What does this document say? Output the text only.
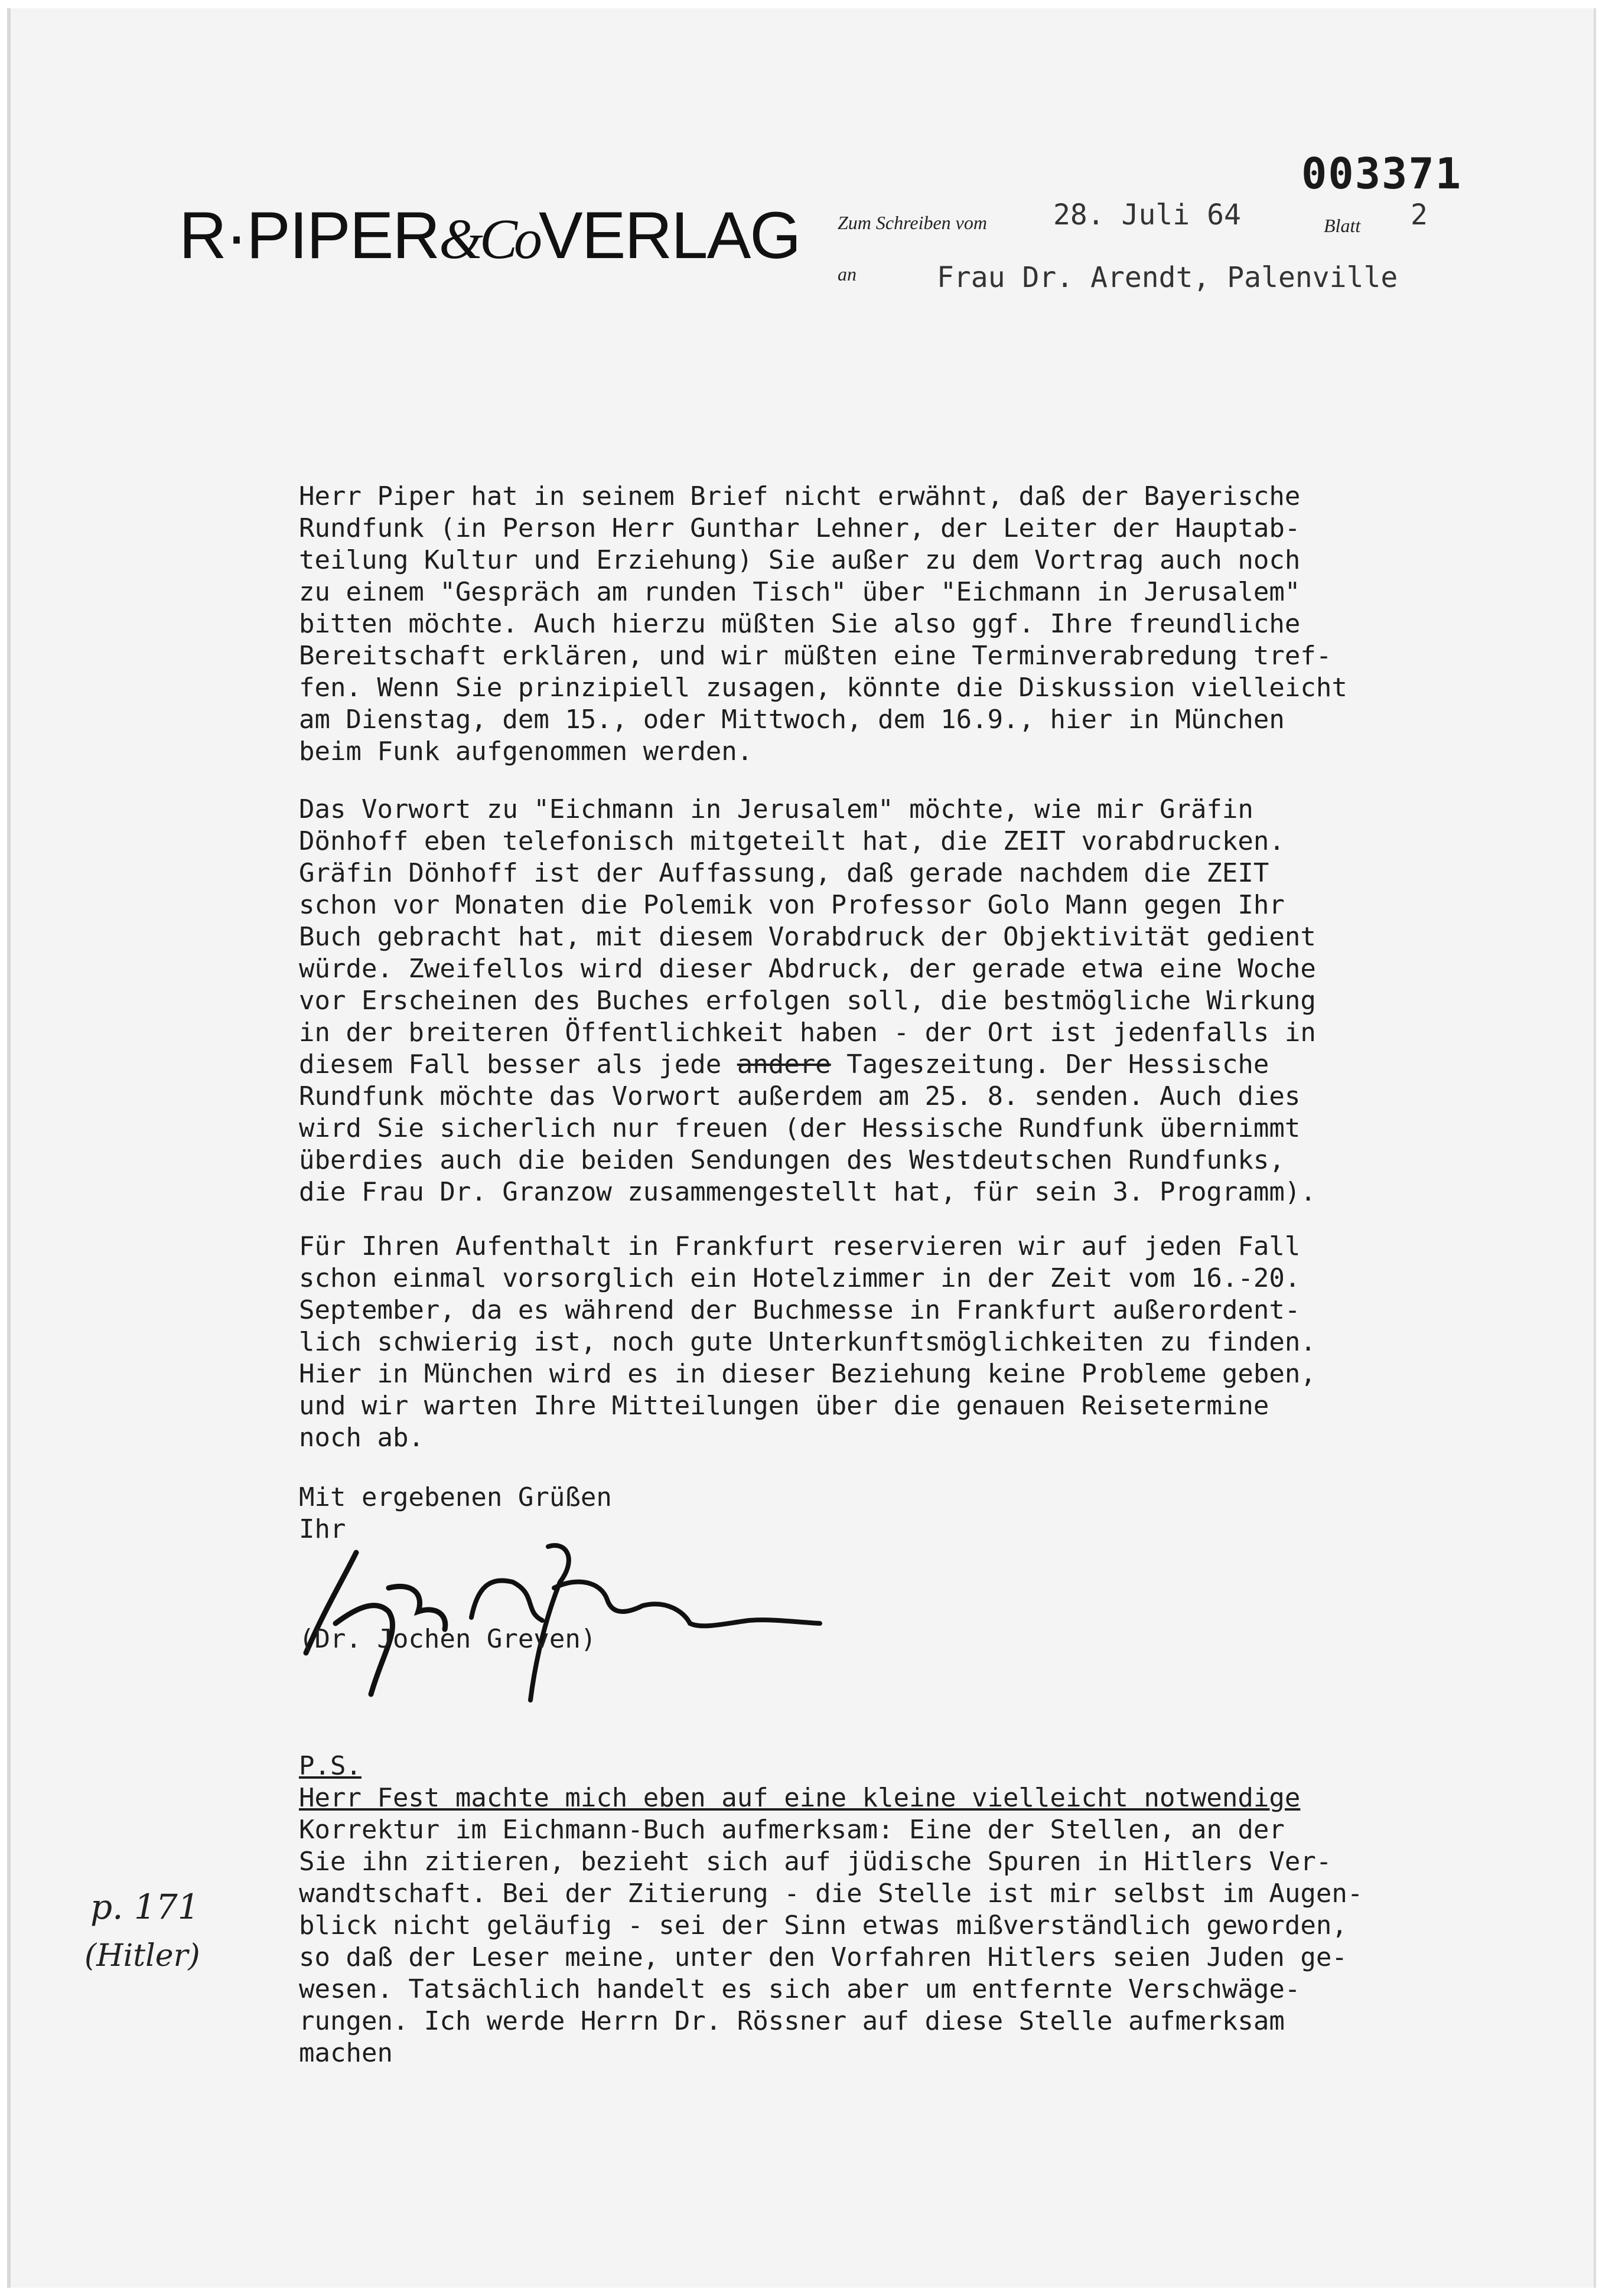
003371
R·PIPER&CoVERLAG Zum Schreiben vom 28. Juli 64	Blatt 2
an	Frau Dr. Arendt, Palenville
Herr Piper hat in seinem Brief nicht erwähnt, daß der Bayerische
Rundfunk (in Person Herr Gunthar Lehner, der Leiter der Hauptab-
teilung Kultur und Erziehung) Sie außer zu dem Vortrag auch noch
zu einem "Gespräch am runden Tisch" über "Eichmann in Jerusalem"
bitten möchte. Auch hierzu müßten Sie also ggf. Ihre freundliche
Bereitschaft erklären, und wir müßten eine Terminverabredung tref-
fen. Wenn Sie prinzipiell zusagen, könnte die Diskussion vielleicht
am Dienstag, dem 15., oder Mittwoch, dem 16.9., hier in München
beim Funk aufgenommen werden.
Das Vorwort zu "Eichmann in Jerusalem" möchte, wie mir Gräfin
Dönhoff eben telefonisch mitgeteilt hat, die ZEIT vorabdrucken.
Gräfin Dönhoff ist der Auffassung, daß gerade nachdem die ZEIT
schon vor Monaten die Polemik von Professor Golo Mann gegen Ihr
Buch gebracht hat, mit diesem Vorabdruck der Objektivität gedient
würde. Zweifellos wird dieser Abdruck, der gerade etwa eine Woche
vor Erscheinen des Buches erfolgen soll, die bestmögliche Wirkung
in der breiteren Öffentlichkeit haben - der Ort ist jedenfalls in
diesem Fall besser als jede andere Tageszeitung. Der Hessische
Rundfunk möchte das Vorwort außerdem am 25. 8. senden. Auch dies
wird Sie sicherlich nur freuen (der Hessische Rundfunk übernimmt
überdies auch die beiden Sendungen des Westdeutschen Rundfunks,
die Frau Dr. Granzow zusammengestellt hat, für sein 3. Programm).
Für Ihren Aufenthalt in Frankfurt reservieren wir auf jeden Fall
schon einmal vorsorglich ein Hotelzimmer in der Zeit vom 16.-20.
September, da es während der Buchmesse in Frankfurt außerordent-
lich schwierig ist, noch gute Unterkunftsmöglichkeiten zu finden.
Hier in München wird es in dieser Beziehung keine Probleme geben,
und wir warten Ihre Mitteilungen über die genauen Reisetermine
noch ab.
Mit ergebenen Grüßen
Ihr
(Dr. Jochen Greven)
P.S.
Herr Fest machte mich eben auf eine kleine vielleicht notwendige
Korrektur im Eichmann-Buch aufmerksam: Eine der Stellen, an der
Sie ihn zitieren, bezieht sich auf jüdische Spuren in Hitlers Ver-
wandtschaft. Bei der Zitierung - die Stelle ist mir selbst im Augen-
blick nicht geläufig - sei der Sinn etwas mißverständlich geworden,
so daß der Leser meine, unter den Vorfahren Hitlers seien Juden ge-
wesen. Tatsächlich handelt es sich aber um entfernte Verschwäge-
rungen. Ich werde Herrn Dr. Rössner auf diese Stelle aufmerksam
machen
p. 171
(Hitler)
